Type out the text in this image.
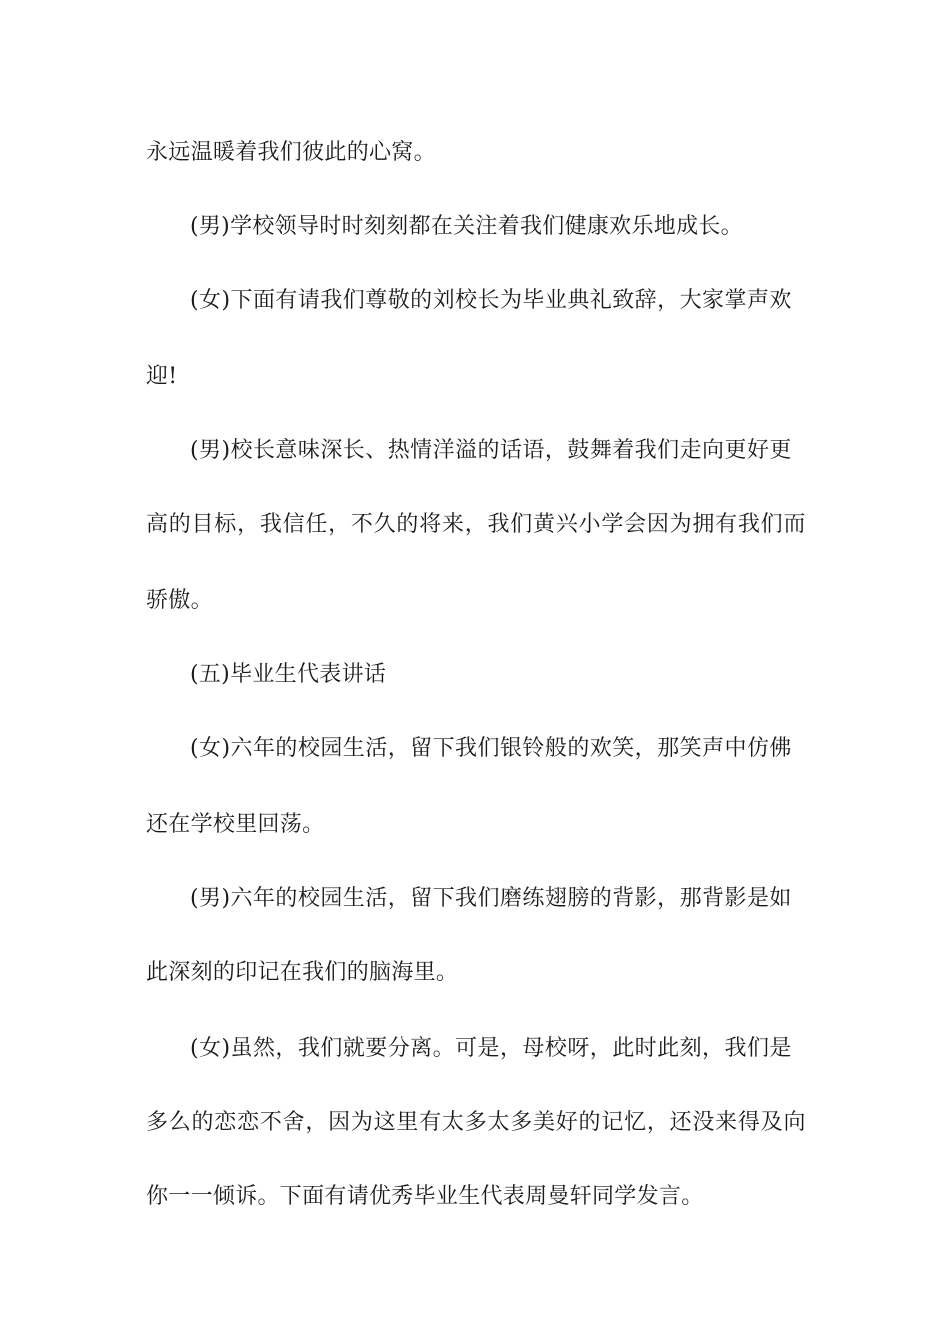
永远温暖着我们彼此的心窝。
(男)学校领导时时刻刻都在关注着我们健康欢乐地成长。
( 女 ) 下 面 有 请 我 们 尊 敬 的 刘 校 长 为 毕 业 典 礼 致 辞 ， 大 家 掌 声 欢
迎!
( 男 ) 校 长 意 味 深 长 、 热 情 洋 溢 的 话 语 ， 鼓 舞 着 我 们 走 向 更 好 更
高 的 目 标 ， 我 信 任 ， 不 久 的 将 来 ， 我 们 黄 兴 小 学 会 因 为 拥 有 我 们 而
骄傲。
(五)毕业生代表讲话
( 女 ) 六 年 的 校 园 生 活 ， 留 下 我 们 银 铃 般 的 欢 笑 ， 那 笑 声 中 仿 佛
还在学校里回荡。
( 男 ) 六 年 的 校 园 生 活 ， 留 下 我 们 磨 练 翅 膀 的 背 影 ， 那 背 影 是 如
此深刻的印记在我们的脑海里。
( 女 ) 虽 然 ， 我 们 就 要 分 离 。 可 是 ， 母 校 呀 ， 此 时 此 刻 ， 我 们 是
多 么 的 恋 恋 不 舍 ， 因 为 这 里 有 太 多 太 多 美 好 的 记 忆 ， 还 没 来 得 及 向
你一一倾诉。下面有请优秀毕业生代表周曼轩同学发言。
